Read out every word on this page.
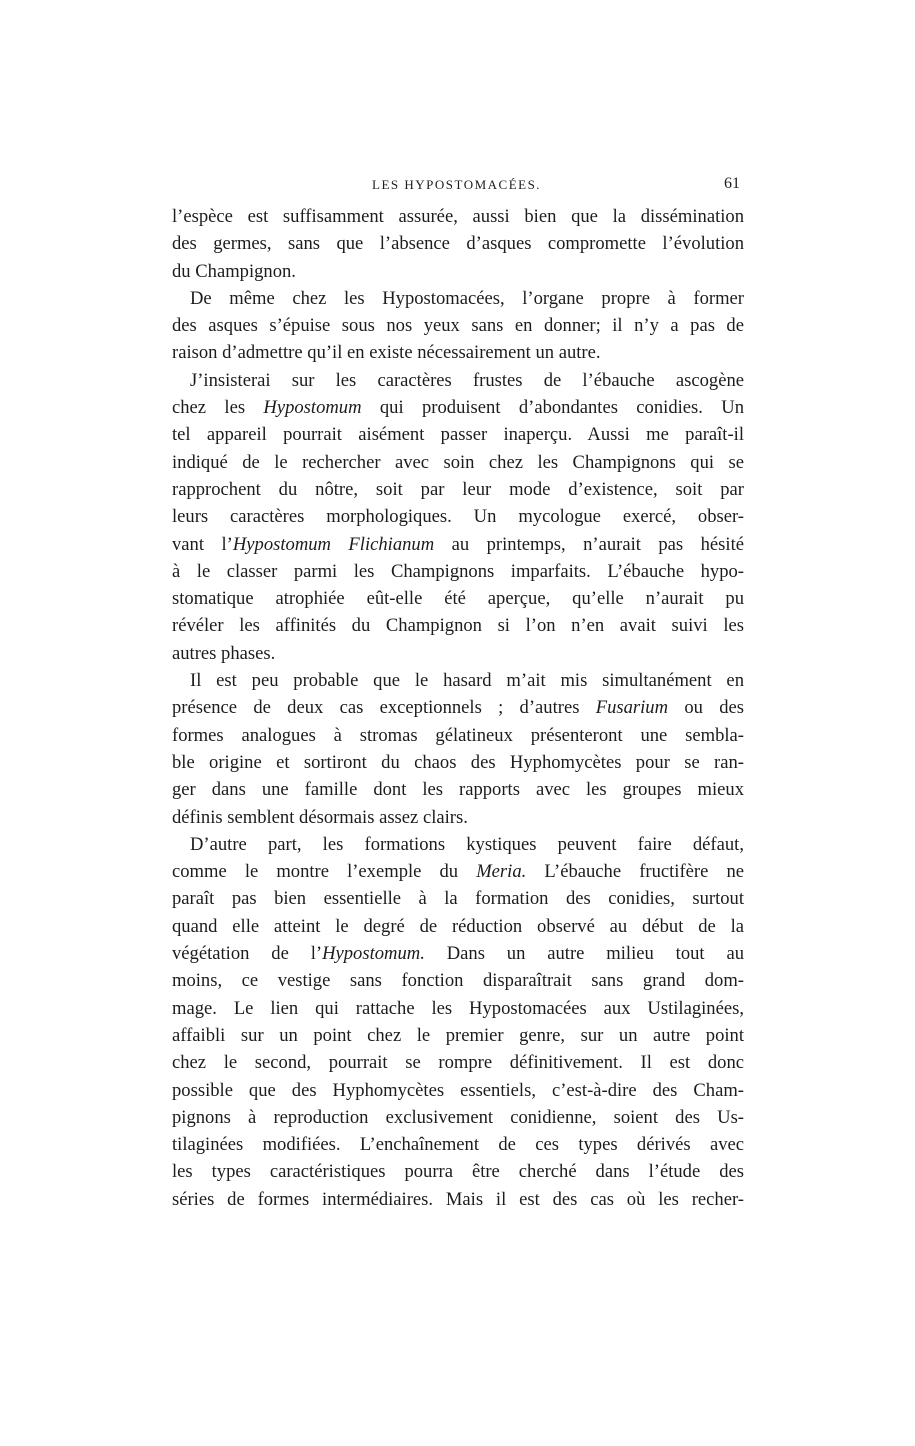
LES HYPOSTOMACÉES.	61
l’espèce est suffisamment assurée, aussi bien que la dissémination
des germes, sans que l’absence d’asques compromette l’évolution
du Champignon.
De même chez les Hypostomacées, l’organe propre à former
des asques s’épuise sous nos yeux sans en donner; il n’y a pas de
raison d’admettre qu’il en existe nécessairement un autre.
J’insisterai sur les caractères frustes de l’ébauche ascogène
chez les Hypostomum qui produisent d’abondantes conidies. Un
tel appareil pourrait aisément passer inaperçu. Aussi me paraît-il
indiqué de le rechercher avec soin chez les Champignons qui se
rapprochent du nôtre, soit par leur mode d’existence, soit par
leurs caractères morphologiques. Un mycologue exercé, obser-
vant l’Hypostomum Flichianum au printemps, n’aurait pas hésité
à le classer parmi les Champignons imparfaits. L’ébauche hypo-
stomatique atrophiée eût-elle été aperçue, qu’elle n’aurait pu
révéler les affinités du Champignon si l’on n’en avait suivi les
autres phases.
Il est peu probable que le hasard m’ait mis simultanément en
présence de deux cas exceptionnels ; d’autres Fusarium ou des
formes analogues à stromas gélatineux présenteront une sembla-
ble origine et sortiront du chaos des Hyphomycètes pour se ran-
ger dans une famille dont les rapports avec les groupes mieux
définis semblent désormais assez clairs.
D’autre part, les formations kystiques peuvent faire défaut,
comme le montre l’exemple du Meria. L’ébauche fructifère ne
paraît pas bien essentielle à la formation des conidies, surtout
quand elle atteint le degré de réduction observé au début de la
végétation de l’Hypostomum. Dans un autre milieu tout au
moins, ce vestige sans fonction disparaîtrait sans grand dom-
mage. Le lien qui rattache les Hypostomacées aux Ustilaginées,
affaibli sur un point chez le premier genre, sur un autre point
chez le second, pourrait se rompre définitivement. Il est donc
possible que des Hyphomycètes essentiels, c’est-à-dire des Cham-
pignons à reproduction exclusivement conidienne, soient des Us-
tilaginées modifiées. L’enchaînement de ces types dérivés avec
les types caractéristiques pourra être cherché dans l’étude des
séries de formes intermédiaires. Mais il est des cas où les recher-
